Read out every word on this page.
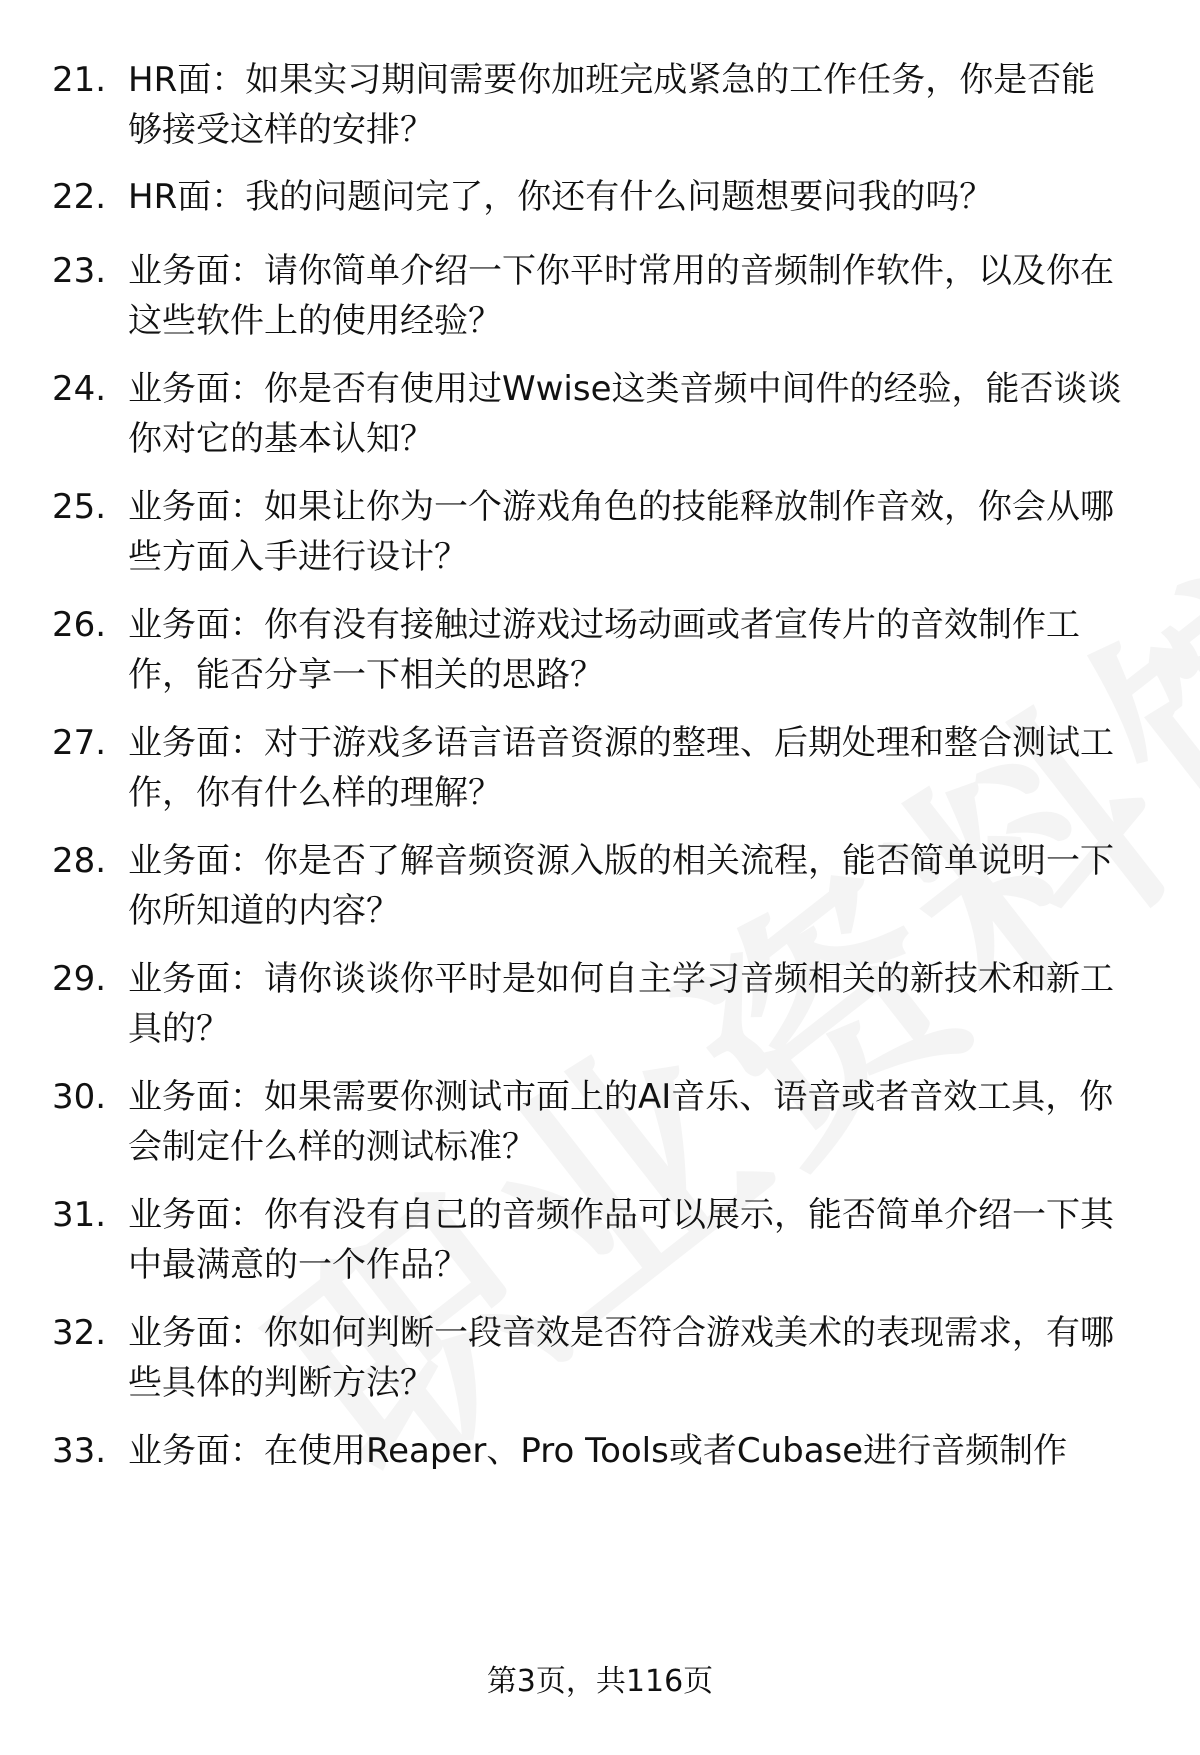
21. HR面：如果实习期间需要你加班完成紧急的工作任务，你是否能够接受这样的安排？
22. HR面：我的问题问完了，你还有什么问题想要问我的吗？
23. 业务面：请你简单介绍一下你平时常用的音频制作软件，以及你在这些软件上的使用经验？
24. 业务面：你是否有使用过Wwise这类音频中间件的经验，能否谈谈你对它的基本认知？
25. 业务面：如果让你为一个游戏角色的技能释放制作音效，你会从哪些方面入手进行设计？
26. 业务面：你有没有接触过游戏过场动画或者宣传片的音效制作工作，能否分享一下相关的思路？
27. 业务面：对于游戏多语言语音资源的整理、后期处理和整合测试工作，你有什么样的理解？
28. 业务面：你是否了解音频资源入版的相关流程，能否简单说明一下你所知道的内容？
29. 业务面：请你谈谈你平时是如何自主学习音频相关的新技术和新工具的？
30. 业务面：如果需要你测试市面上的AI音乐、语音或者音效工具，你会制定什么样的测试标准？
31. 业务面：你有没有自己的音频作品可以展示，能否简单介绍一下其中最满意的一个作品？
32. 业务面：你如何判断一段音效是否符合游戏美术的表现需求，有哪些具体的判断方法？
33. 业务面：在使用Reaper、Pro Tools或者Cubase进行音频制作
第3页，共116页
